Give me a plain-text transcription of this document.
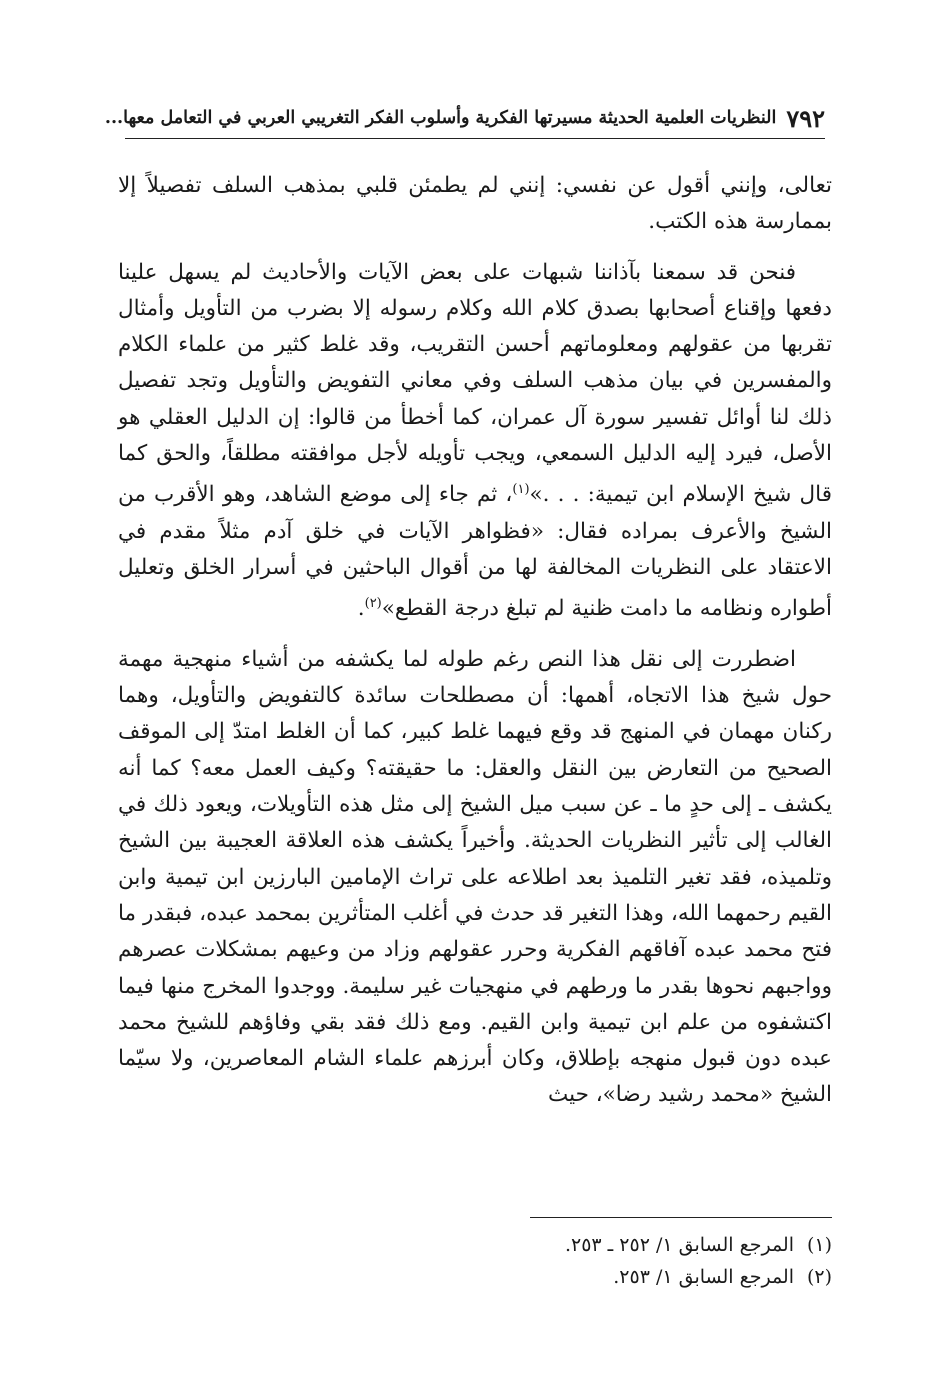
٧٩٢
النظريات العلمية الحديثة مسيرتها الفكرية وأسلوب الفكر التغريبي العربي في التعامل معها...

تعالى، وإنني أقول عن نفسي: إنني لم يطمئن قلبي بمذهب السلف تفصيلاً إلا بممارسة هذه الكتب.

فنحن قد سمعنا بآذاننا شبهات على بعض الآيات والأحاديث لم يسهل علينا دفعها وإقناع أصحابها بصدق كلام الله وكلام رسوله إلا بضرب من التأويل وأمثال تقربها من عقولهم ومعلوماتهم أحسن التقريب، وقد غلط كثير من علماء الكلام والمفسرين في بيان مذهب السلف وفي معاني التفويض والتأويل وتجد تفصيل ذلك لنا أوائل تفسير سورة آل عمران، كما أخطأ من قالوا: إن الدليل العقلي هو الأصل، فيرد إليه الدليل السمعي، ويجب تأويله لأجل موافقته مطلقاً، والحق كما قال شيخ الإسلام ابن تيمية: . . .»$^{(١)}$، ثم جاء إلى موضع الشاهد، وهو الأقرب من الشيخ والأعرف بمراده فقال: «فظواهر الآيات في خلق آدم مثلاً مقدم في الاعتقاد على النظريات المخالفة لها من أقوال الباحثين في أسرار الخلق وتعليل أطواره ونظامه ما دامت ظنية لم تبلغ درجة القطع»$^{(٢)}$.

اضطررت إلى نقل هذا النص رغم طوله لما يكشفه من أشياء منهجية مهمة حول شيخ هذا الاتجاه، أهمها: أن مصطلحات سائدة كالتفويض والتأويل، وهما ركنان مهمان في المنهج قد وقع فيهما غلط كبير، كما أن الغلط امتدّ إلى الموقف الصحيح من التعارض بين النقل والعقل: ما حقيقته؟ وكيف العمل معه؟ كما أنه يكشف ـ إلى حدٍ ما ـ عن سبب ميل الشيخ إلى مثل هذه التأويلات، ويعود ذلك في الغالب إلى تأثير النظريات الحديثة. وأخيراً يكشف هذه العلاقة العجيبة بين الشيخ وتلميذه، فقد تغير التلميذ بعد اطلاعه على تراث الإمامين البارزين ابن تيمية وابن القيم رحمهما الله، وهذا التغير قد حدث في أغلب المتأثرين بمحمد عبده، فبقدر ما فتح محمد عبده آفاقهم الفكرية وحرر عقولهم وزاد من وعيهم بمشكلات عصرهم وواجبهم نحوها بقدر ما ورطهم في منهجيات غير سليمة. ووجدوا المخرج منها فيما اكتشفوه من علم ابن تيمية وابن القيم. ومع ذلك فقد بقي وفاؤهم للشيخ محمد عبده دون قبول منهجه بإطلاق، وكان أبرزهم علماء الشام المعاصرين، ولا سيّما الشيخ «محمد رشيد رضا»، حيث

(١)المرجع السابق ١/ ٢٥٢ ـ ٢٥٣.
(٢)المرجع السابق ١/ ٢٥٣.
